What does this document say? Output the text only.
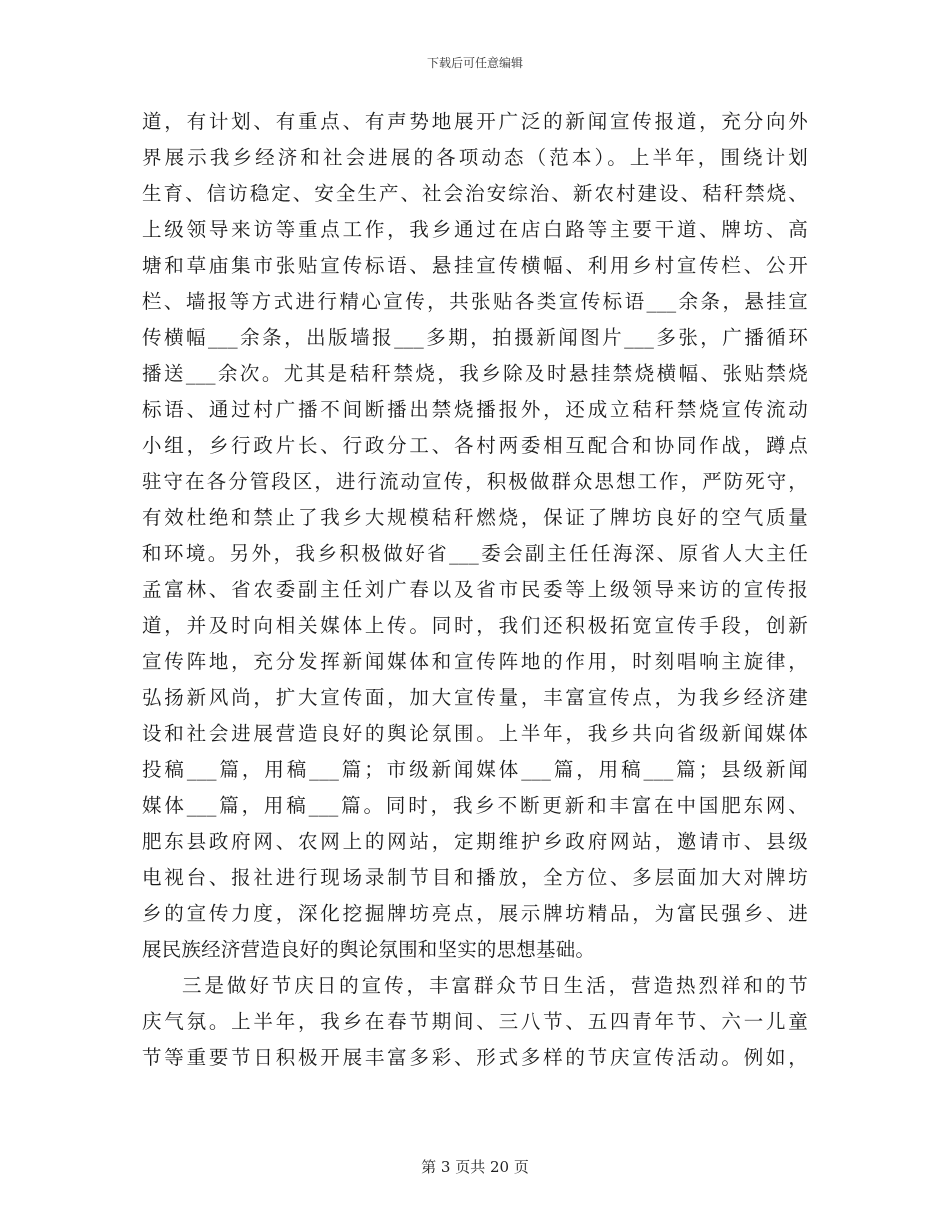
下载后可任意编辑
道，有计划、有重点、有声势地展开广泛的新闻宣传报道，充分向外
界展示我乡经济和社会进展的各项动态（范本）。上半年，围绕计划
生育、信访稳定、安全生产、社会治安综治、新农村建设、秸秆禁烧、
上级领导来访等重点工作，我乡通过在店白路等主要干道、牌坊、高
塘和草庙集市张贴宣传标语、悬挂宣传横幅、利用乡村宣传栏、公开
栏、墙报等方式进行精心宣传，共张贴各类宣传标语___余条，悬挂宣
传横幅___余条，出版墙报___多期，拍摄新闻图片___多张，广播循环
播送___余次。尤其是秸秆禁烧，我乡除及时悬挂禁烧横幅、张贴禁烧
标语、通过村广播不间断播出禁烧播报外，还成立秸秆禁烧宣传流动
小组，乡行政片长、行政分工、各村两委相互配合和协同作战，蹲点
驻守在各分管段区，进行流动宣传，积极做群众思想工作，严防死守，
有效杜绝和禁止了我乡大规模秸秆燃烧，保证了牌坊良好的空气质量
和环境。另外，我乡积极做好省___委会副主任任海深、原省人大主任
孟富林、省农委副主任刘广春以及省市民委等上级领导来访的宣传报
道，并及时向相关媒体上传。同时，我们还积极拓宽宣传手段，创新
宣传阵地，充分发挥新闻媒体和宣传阵地的作用，时刻唱响主旋律，
弘扬新风尚，扩大宣传面，加大宣传量，丰富宣传点，为我乡经济建
设和社会进展营造良好的舆论氛围。上半年，我乡共向省级新闻媒体
投稿___篇，用稿___篇；市级新闻媒体___篇，用稿___篇；县级新闻
媒体___篇，用稿___篇。同时，我乡不断更新和丰富在中国肥东网、
肥东县政府网、农网上的网站，定期维护乡政府网站，邀请市、县级
电视台、报社进行现场录制节目和播放，全方位、多层面加大对牌坊
乡的宣传力度，深化挖掘牌坊亮点，展示牌坊精品，为富民强乡、进
展民族经济营造良好的舆论氛围和坚实的思想基础。
三是做好节庆日的宣传，丰富群众节日生活，营造热烈祥和的节
庆气氛。上半年，我乡在春节期间、三八节、五四青年节、六一儿童
节等重要节日积极开展丰富多彩、形式多样的节庆宣传活动。例如，
第 3 页共 20 页
